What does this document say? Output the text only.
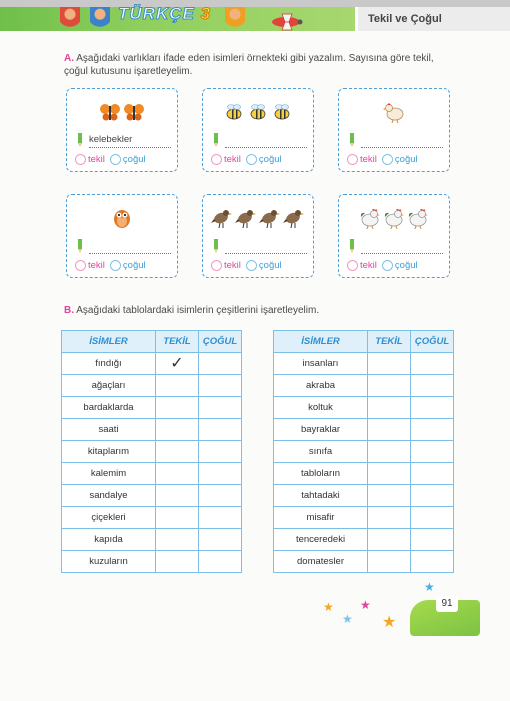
TÜRKÇE 3	Tekil ve Çoğul
A. Aşağıdaki varlıkları ifade eden isimleri örnekteki gibi yazalım. Sayısına göre tekil,
çoğul kutusunu işaretleyelim.
kelebekler
tekil çoğul	tekil çoğul	tekil çoğul
tekil çoğul	tekil çoğul	tekil çoğul
B. Aşağıdaki tablolardaki isimlerin çeşitlerini işaretleyelim.
İSİMLER	TEKİL	ÇOĞUL
fındığı	✓	
ağaçları		
bardaklarda		
saati		
kitaplarım		
kalemim		
sandalye		
çiçekleri		
kapıda		
kuzuların		
İSİMLER	TEKİL	ÇOĞUL
insanları		
akraba		
koltuk		
bayraklar		
sınıfa		
tabloların		
tahtadaki		
misafir		
tenceredeki		
domatesler		
★
★
★
★
★
91
